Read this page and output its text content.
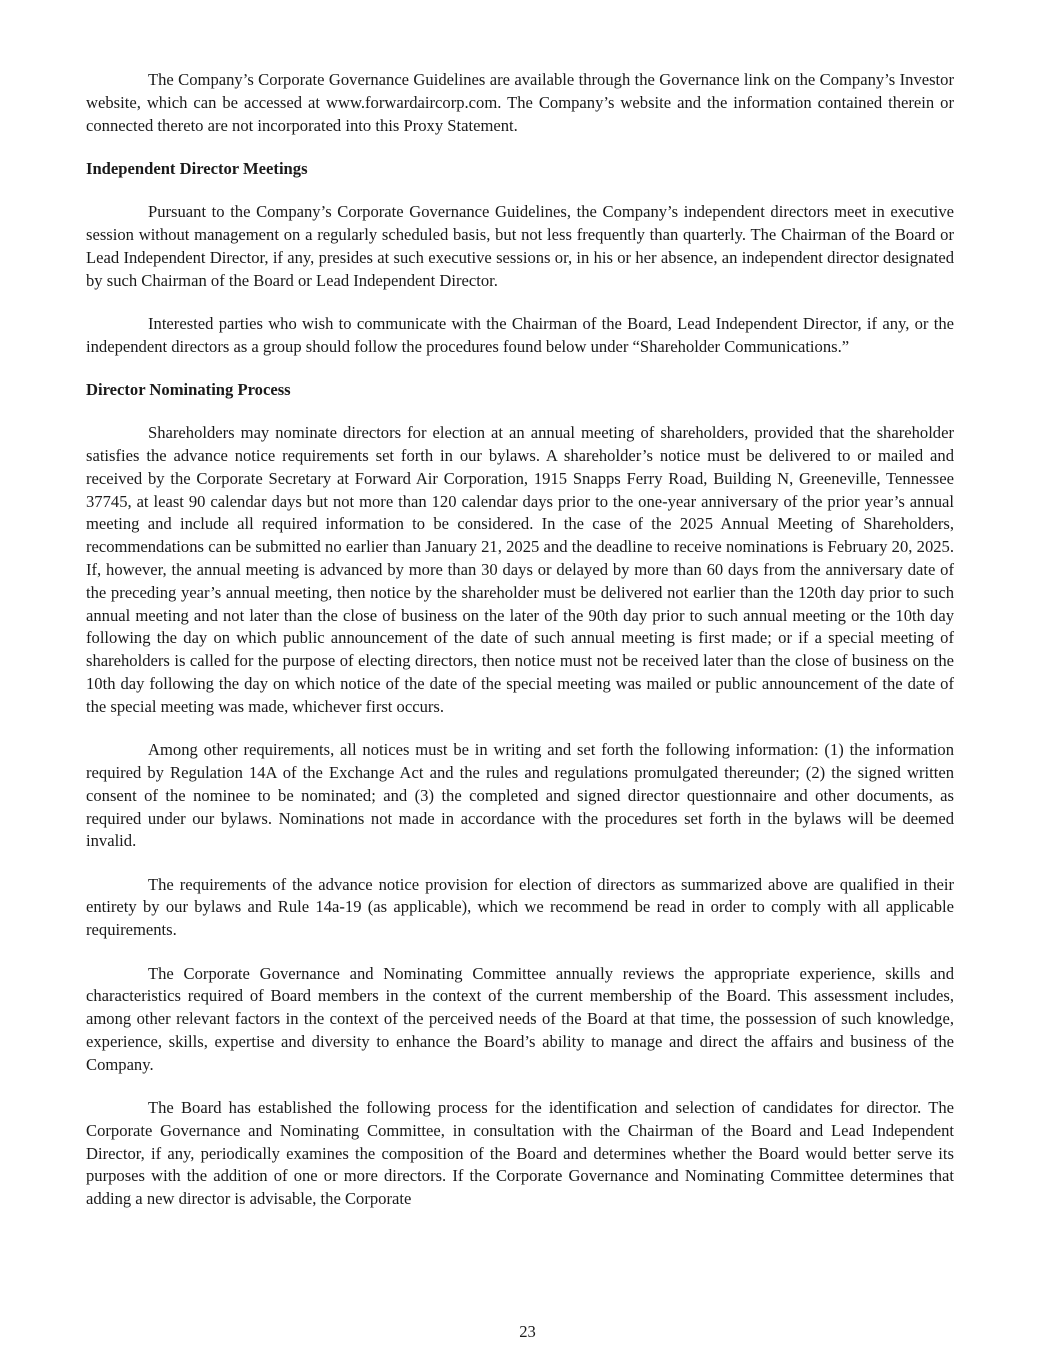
The Company’s Corporate Governance Guidelines are available through the Governance link on the Company’s Investor website, which can be accessed at www.forwardaircorp.com. The Company’s website and the information contained therein or connected thereto are not incorporated into this Proxy Statement.

Independent Director Meetings

Pursuant to the Company’s Corporate Governance Guidelines, the Company’s independent directors meet in executive session without management on a regularly scheduled basis, but not less frequently than quarterly. The Chairman of the Board or Lead Independent Director, if any, presides at such executive sessions or, in his or her absence, an independent director designated by such Chairman of the Board or Lead Independent Director.

Interested parties who wish to communicate with the Chairman of the Board, Lead Independent Director, if any, or the independent directors as a group should follow the procedures found below under “Shareholder Communications.”

Director Nominating Process

Shareholders may nominate directors for election at an annual meeting of shareholders, provided that the shareholder satisfies the advance notice requirements set forth in our bylaws. A shareholder’s notice must be delivered to or mailed and received by the Corporate Secretary at Forward Air Corporation, 1915 Snapps Ferry Road, Building N, Greeneville, Tennessee 37745, at least 90 calendar days but not more than 120 calendar days prior to the one-year anniversary of the prior year’s annual meeting and include all required information to be considered. In the case of the 2025 Annual Meeting of Shareholders, recommendations can be submitted no earlier than January 21, 2025 and the deadline to receive nominations is February 20, 2025. If, however, the annual meeting is advanced by more than 30 days or delayed by more than 60 days from the anniversary date of the preceding year’s annual meeting, then notice by the shareholder must be delivered not earlier than the 120th day prior to such annual meeting and not later than the close of business on the later of the 90th day prior to such annual meeting or the 10th day following the day on which public announcement of the date of such annual meeting is first made; or if a special meeting of shareholders is called for the purpose of electing directors, then notice must not be received later than the close of business on the 10th day following the day on which notice of the date of the special meeting was mailed or public announcement of the date of the special meeting was made, whichever first occurs.

Among other requirements, all notices must be in writing and set forth the following information: (1) the information required by Regulation 14A of the Exchange Act and the rules and regulations promulgated thereunder; (2) the signed written consent of the nominee to be nominated; and (3) the completed and signed director questionnaire and other documents, as required under our bylaws. Nominations not made in accordance with the procedures set forth in the bylaws will be deemed invalid.

The requirements of the advance notice provision for election of directors as summarized above are qualified in their entirety by our bylaws and Rule 14a-19 (as applicable), which we recommend be read in order to comply with all applicable requirements.

The Corporate Governance and Nominating Committee annually reviews the appropriate experience, skills and characteristics required of Board members in the context of the current membership of the Board. This assessment includes, among other relevant factors in the context of the perceived needs of the Board at that time, the possession of such knowledge, experience, skills, expertise and diversity to enhance the Board’s ability to manage and direct the affairs and business of the Company.

The Board has established the following process for the identification and selection of candidates for director. The Corporate Governance and Nominating Committee, in consultation with the Chairman of the Board and Lead Independent Director, if any, periodically examines the composition of the Board and determines whether the Board would better serve its purposes with the addition of one or more directors. If the Corporate Governance and Nominating Committee determines that adding a new director is advisable, the Corporate

23
